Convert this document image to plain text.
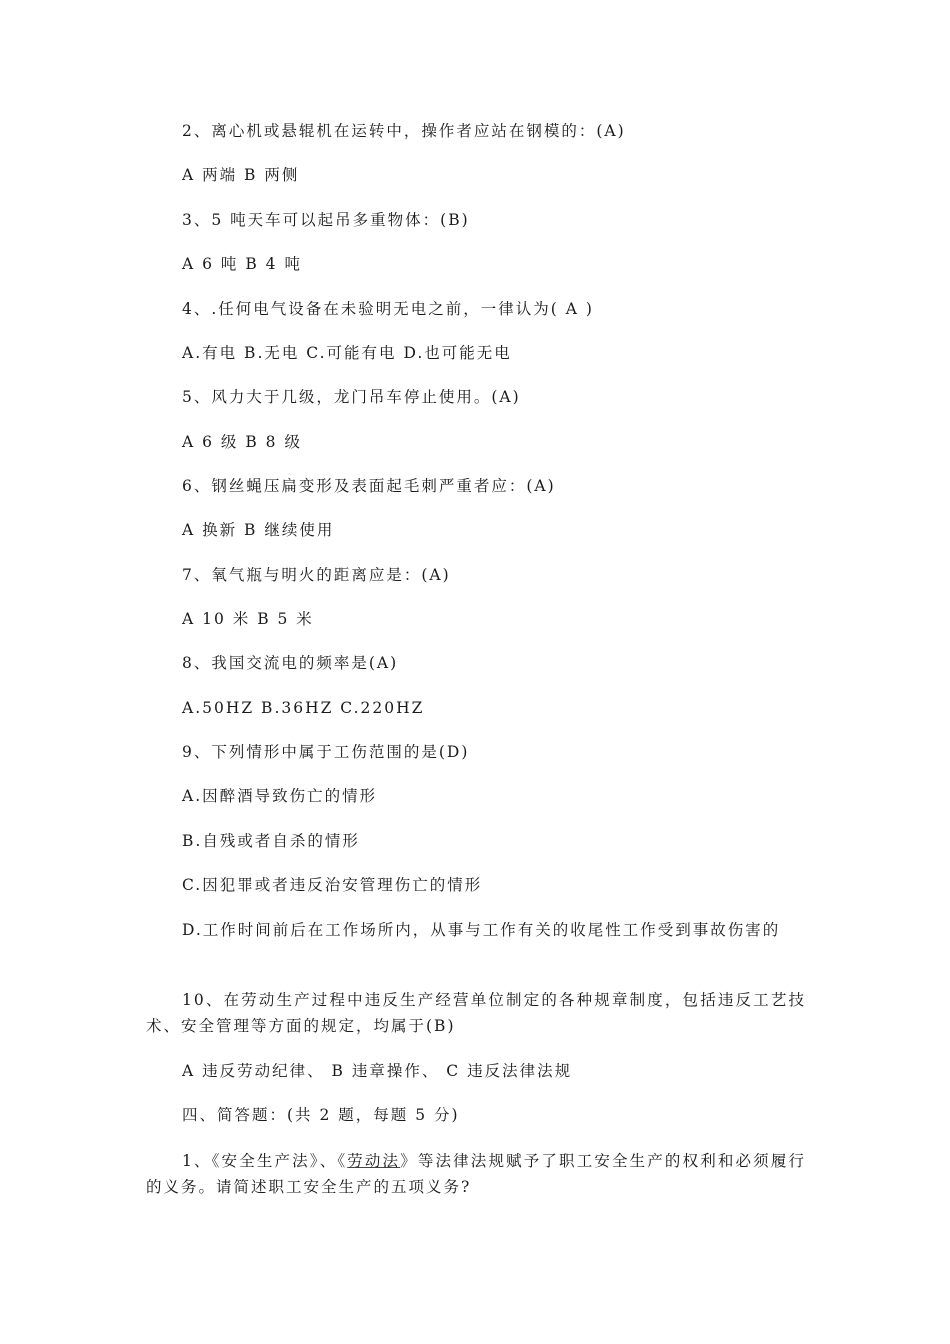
2、离心机或悬辊机在运转中，操作者应站在钢模的：(A)
A 两端 B 两侧
3、5 吨天车可以起吊多重物体：(B)
A 6 吨 B 4 吨
4、.任何电气设备在未验明无电之前，一律认为( A )
A.有电 B.无电 C.可能有电 D.也可能无电
5、风力大于几级，龙门吊车停止使用。(A)
A 6 级 B 8 级
6、钢丝蝇压扁变形及表面起毛刺严重者应：(A)
A 换新 B 继续使用
7、氧气瓶与明火的距离应是：(A)
A 10 米 B 5 米
8、我国交流电的频率是(A)
A.50HZ B.36HZ C.220HZ
9、下列情形中属于工伤范围的是(D)
A.因醉酒导致伤亡的情形
B.自残或者自杀的情形
C.因犯罪或者违反治安管理伤亡的情形
D.工作时间前后在工作场所内，从事与工作有关的收尾性工作受到事故伤害的
10、在劳动生产过程中违反生产经营单位制定的各种规章制度，包括违反工艺技术、安全管理等方面的规定，均属于(B)
A 违反劳动纪律、 B 违章操作、 C 违反法律法规
四、简答题：(共 2 题，每题 5 分)
1、《安全生产法》、《劳动法》等法律法规赋予了职工安全生产的权利和必须履行的义务。请简述职工安全生产的五项义务?
